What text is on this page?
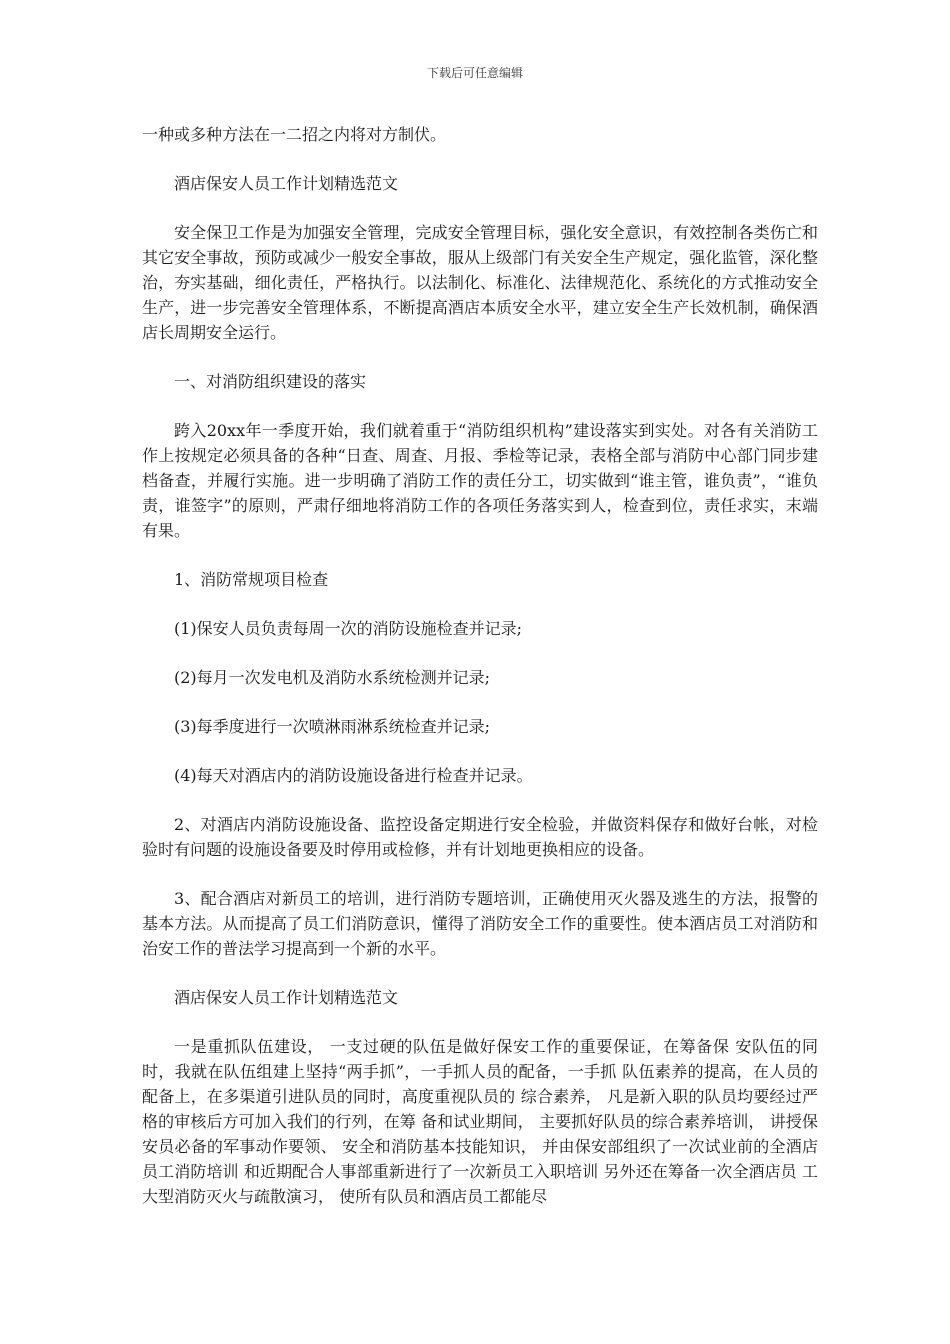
下载后可任意编辑

一种或多种方法在一二招之内将对方制伏。

酒店保安人员工作计划精选范文

安全保卫工作是为加强安全管理，完成安全管理目标，强化安全意识，有效控制各类伤亡和其它安全事故，预防或减少一般安全事故，服从上级部门有关安全生产规定，强化监管，深化整治，夯实基础，细化责任，严格执行。以法制化、标准化、法律规范化、系统化的方式推动安全生产，进一步完善安全管理体系，不断提高酒店本质安全水平，建立安全生产长效机制，确保酒店长周期安全运行。

一、对消防组织建设的落实

跨入20xx年一季度开始，我们就着重于“消防组织机构”建设落实到实处。对各有关消防工作上按规定必须具备的各种“日查、周查、月报、季检等记录，表格全部与消防中心部门同步建档备查，并履行实施。进一步明确了消防工作的责任分工，切实做到“谁主管，谁负责”，“谁负责，谁签字”的原则，严肃仔细地将消防工作的各项任务落实到人，检查到位，责任求实，末端有果。

1、消防常规项目检查

(1)保安人员负责每周一次的消防设施检查并记录;

(2)每月一次发电机及消防水系统检测并记录;

(3)每季度进行一次喷淋雨淋系统检查并记录;

(4)每天对酒店内的消防设施设备进行检查并记录。

2、对酒店内消防设施设备、监控设备定期进行安全检验，并做资料保存和做好台帐，对检验时有问题的设施设备要及时停用或检修，并有计划地更换相应的设备。

3、配合酒店对新员工的培训，进行消防专题培训，正确使用灭火器及逃生的方法，报警的基本方法。从而提高了员工们消防意识，懂得了消防安全工作的重要性。使本酒店员工对消防和治安工作的普法学习提高到一个新的水平。

酒店保安人员工作计划精选范文

一是重抓队伍建设， 一支过硬的队伍是做好保安工作的重要保证，在筹备保 安队伍的同时，我就在队伍组建上坚持“两手抓”，一手抓人员的配备，一手抓 队伍素养的提高，在人员的配备上，在多渠道引进队员的同时，高度重视队员的 综合素养， 凡是新入职的队员均要经过严格的审核后方可加入我们的行列，在筹 备和试业期间， 主要抓好队员的综合素养培训， 讲授保安员必备的军事动作要领、 安全和消防基本技能知识， 并由保安部组织了一次试业前的全酒店员工消防培训 和近期配合人事部重新进行了一次新员工入职培训 另外还在筹备一次全酒店员 工大型消防灭火与疏散演习， 使所有队员和酒店员工都能尽
